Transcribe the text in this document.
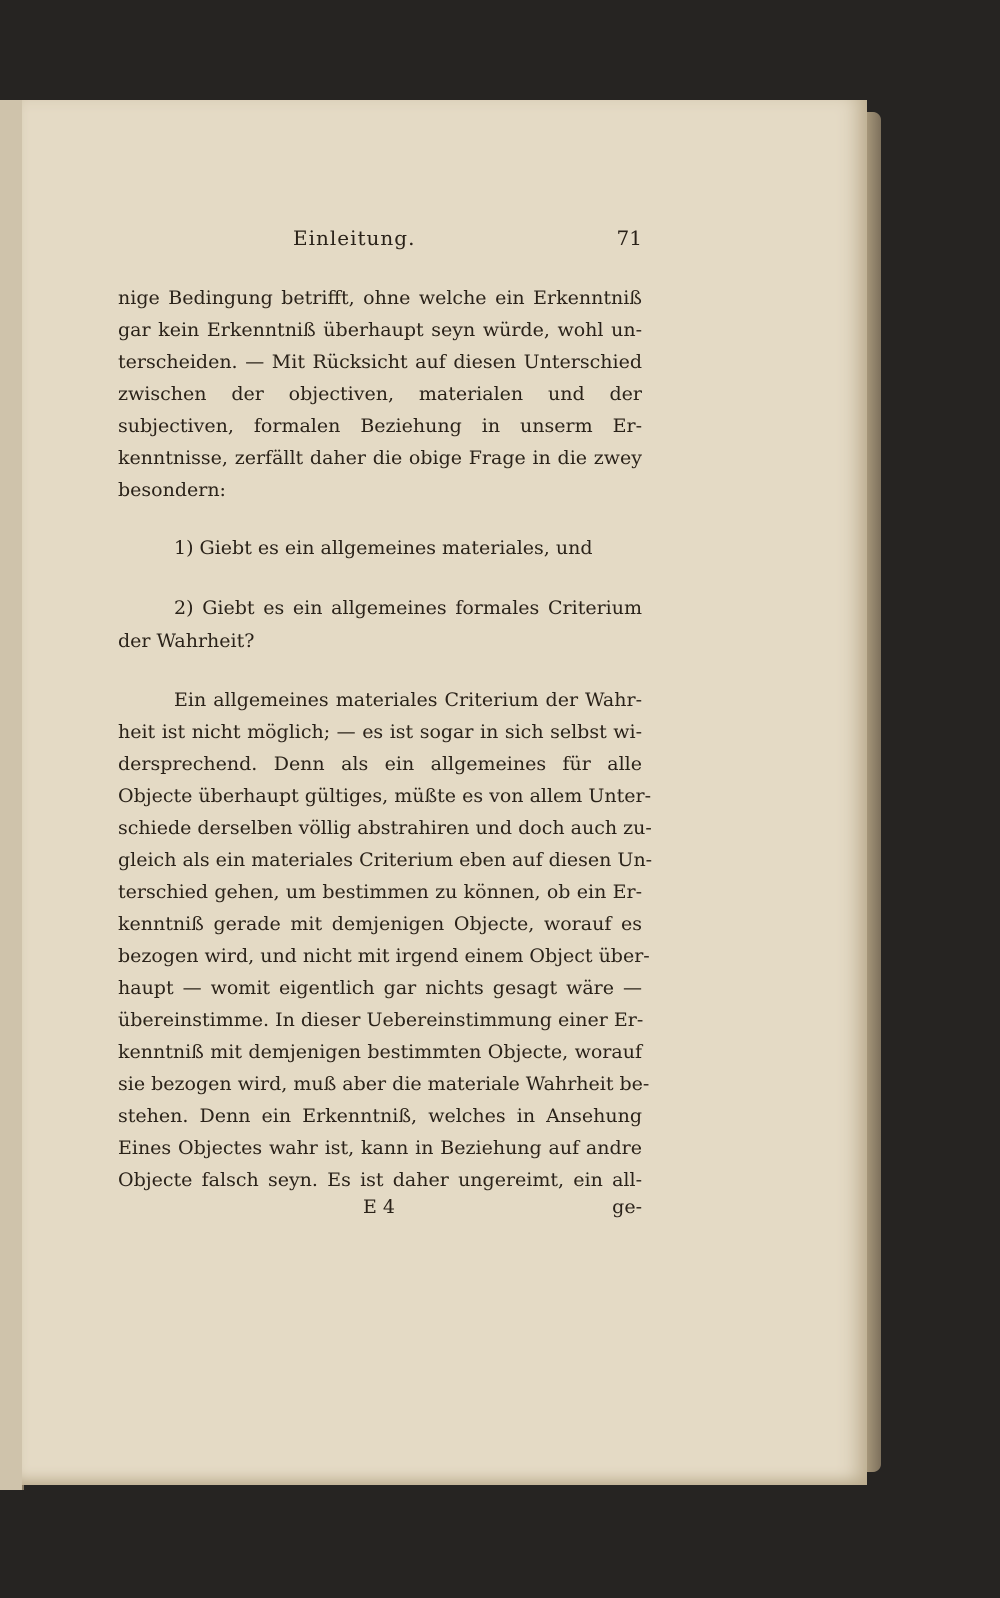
Einleitung.	71
nige Bedingung betrifft, ohne welche ein Erkenntniß
gar kein Erkenntniß überhaupt seyn würde, wohl un-
terscheiden. — Mit Rücksicht auf diesen Unterschied
zwischen der objectiven, materialen und der
subjectiven, formalen Beziehung in unserm Er-
kenntnisse, zerfällt daher die obige Frage in die zwey
besondern:
1) Giebt es ein allgemeines materiales, und
2) Giebt es ein allgemeines formales Criterium
der Wahrheit?
Ein allgemeines materiales Criterium der Wahr-
heit ist nicht möglich; — es ist sogar in sich selbst wi-
dersprechend. Denn als ein allgemeines für alle
Objecte überhaupt gültiges, müßte es von allem Unter-
schiede derselben völlig abstrahiren und doch auch zu-
gleich als ein materiales Criterium eben auf diesen Un-
terschied gehen, um bestimmen zu können, ob ein Er-
kenntniß gerade mit demjenigen Objecte, worauf es
bezogen wird, und nicht mit irgend einem Object über-
haupt — womit eigentlich gar nichts gesagt wäre —
übereinstimme. In dieser Uebereinstimmung einer Er-
kenntniß mit demjenigen bestimmten Objecte, worauf
sie bezogen wird, muß aber die materiale Wahrheit be-
stehen. Denn ein Erkenntniß, welches in Ansehung
Eines Objectes wahr ist, kann in Beziehung auf andre
Objecte falsch seyn. Es ist daher ungereimt, ein all-
E 4	ge-
